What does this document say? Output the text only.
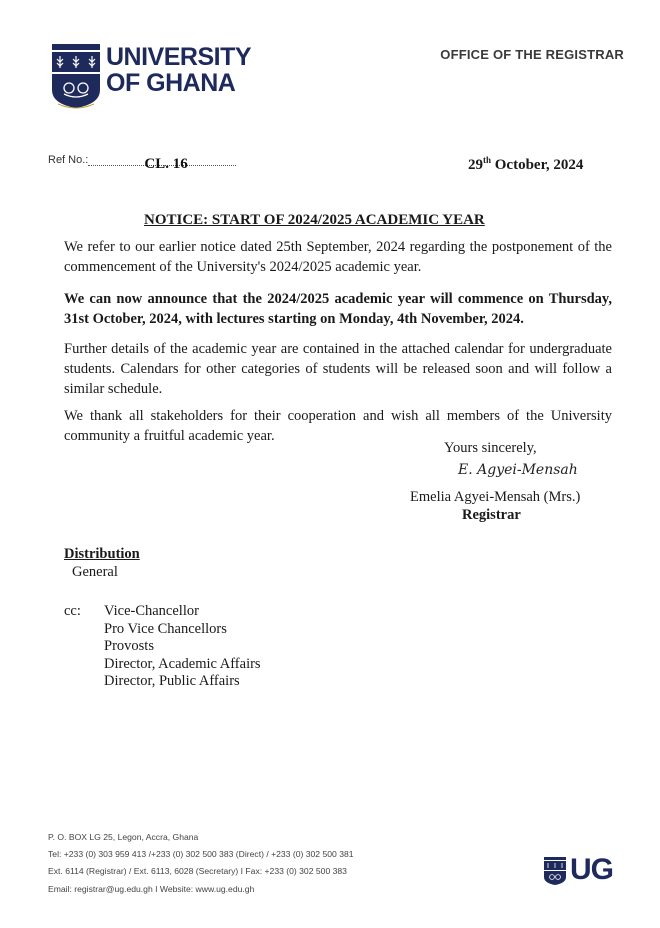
UNIVERSITY
OF GHANA
OFFICE OF THE REGISTRAR
Ref No.:	CL. 16	29th October, 2024
NOTICE: START OF 2024/2025 ACADEMIC YEAR
We refer to our earlier notice dated 25th September, 2024 regarding the postponement of the commencement of the University's 2024/2025 academic year.
We can now announce that the 2024/2025 academic year will commence on Thursday, 31st October, 2024, with lectures starting on Monday, 4th November, 2024.
Further details of the academic year are contained in the attached calendar for undergraduate students. Calendars for other categories of students will be released soon and will follow a similar schedule.
We thank all stakeholders for their cooperation and wish all members of the University community a fruitful academic year.
Yours sincerely,
E. Agyei-Mensah
Emelia Agyei-Mensah (Mrs.)
Registrar
Distribution
General
cc: Vice-Chancellor
Pro Vice Chancellors
Provosts
Director, Academic Affairs
Director, Public Affairs
P. O. BOX LG 25, Legon, Accra, Ghana
Tel: +233 (0) 303 959 413 /+233 (0) 302 500 383 (Direct) / +233 (0) 302 500 381
Ext. 6114 (Registrar) / Ext. 6113, 6028 (Secretary) I Fax: +233 (0) 302 500 383
Email: registrar@ug.edu.gh I Website: www.ug.edu.gh
UG
